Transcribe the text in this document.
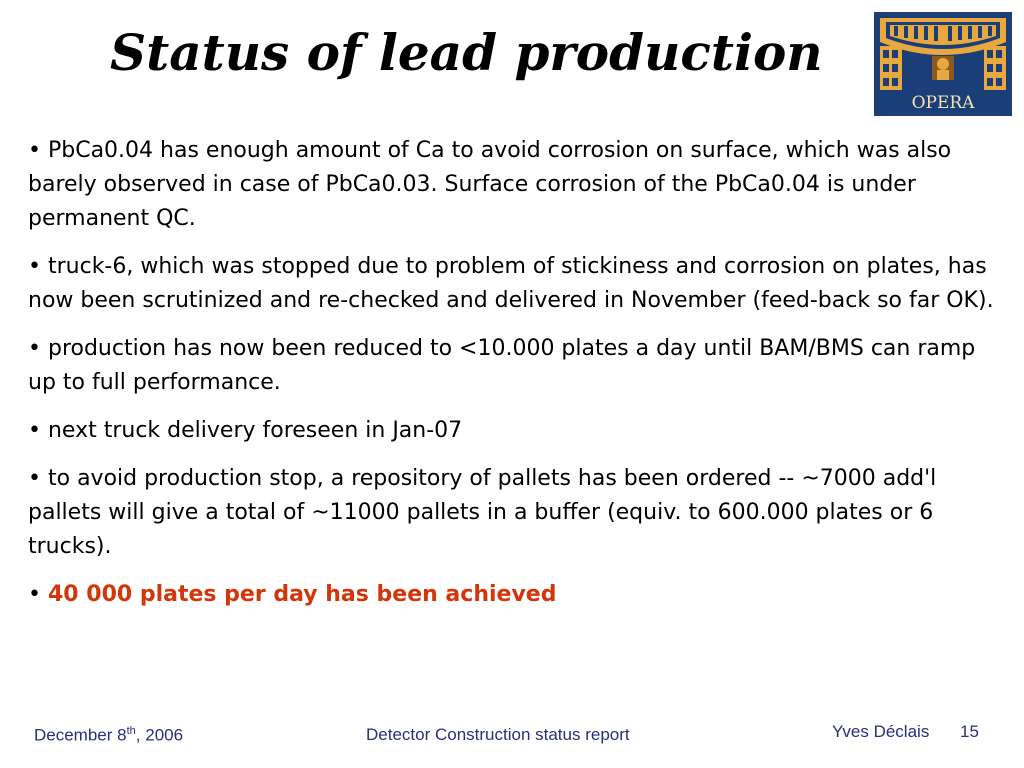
Status of lead production
OPERA

• PbCa0.04 has enough amount of Ca to avoid corrosion on surface, which was also barely observed in case of PbCa0.03. Surface corrosion of the PbCa0.04 is under permanent QC.

• truck-6, which was stopped due to problem of stickiness and corrosion on plates, has now been scrutinized and re-checked and delivered in November (feed-back so far OK).

• production has now been reduced to <10.000 plates a day until BAM/BMS can ramp up to full performance.

• next truck delivery foreseen in Jan-07

• to avoid production stop, a repository of pallets has been ordered -- ~7000 add'l pallets will give a total of ~11000 pallets in a buffer (equiv. to 600.000 plates or 6 trucks).

• 40 000 plates per day has been achieved

December 8th, 2006	Detector Construction status report	Yves Déclais 15
